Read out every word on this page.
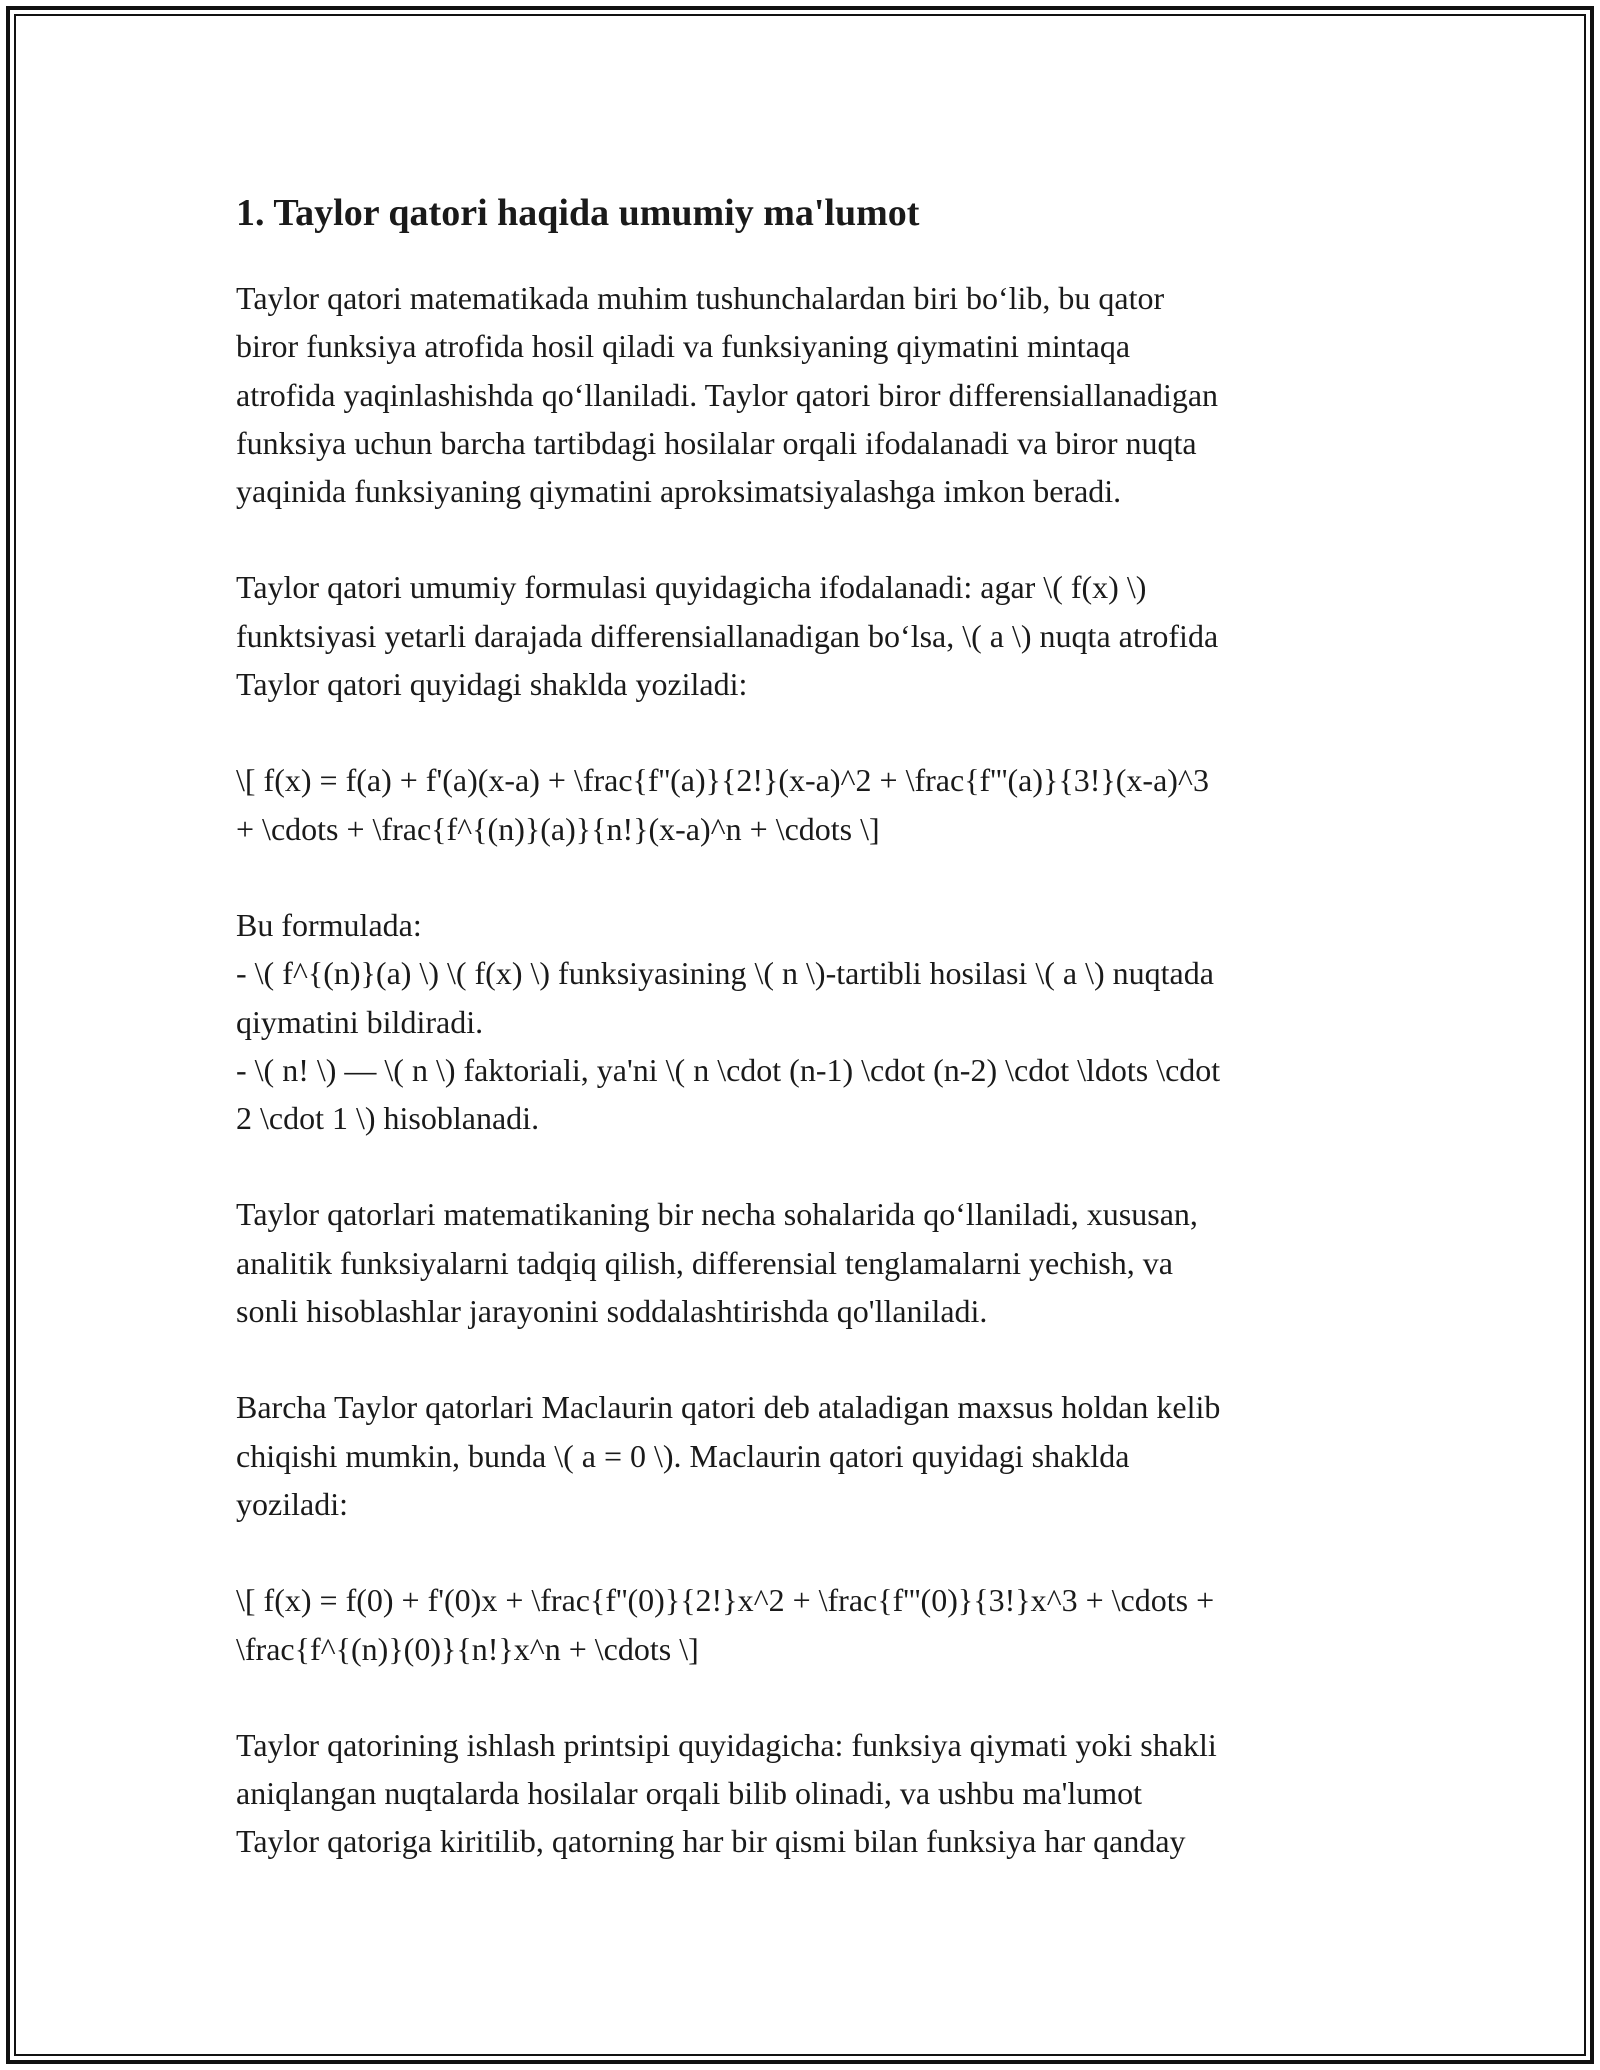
1. Taylor qatori haqida umumiy ma'lumot

Taylor qatori matematikada muhim tushunchalardan biri bo‘lib, bu qator
biror funksiya atrofida hosil qiladi va funksiyaning qiymatini mintaqa
atrofida yaqinlashishda qo‘llaniladi. Taylor qatori biror differensiallanadigan
funksiya uchun barcha tartibdagi hosilalar orqali ifodalanadi va biror nuqta
yaqinida funksiyaning qiymatini aproksimatsiyalashga imkon beradi.

Taylor qatori umumiy formulasi quyidagicha ifodalanadi: agar \( f(x) \)
funktsiyasi yetarli darajada differensiallanadigan bo‘lsa, \( a \) nuqta atrofida
Taylor qatori quyidagi shaklda yoziladi:

\[ f(x) = f(a) + f'(a)(x-a) + \frac{f''(a)}{2!}(x-a)^2 + \frac{f'''(a)}{3!}(x-a)^3
+ \cdots + \frac{f^{(n)}(a)}{n!}(x-a)^n + \cdots \]

Bu formulada:
- \( f^{(n)}(a) \) \( f(x) \) funksiyasining \( n \)-tartibli hosilasi \( a \) nuqtada
qiymatini bildiradi.
- \( n! \) — \( n \) faktoriali, ya'ni \( n \cdot (n-1) \cdot (n-2) \cdot \ldots \cdot
2 \cdot 1 \) hisoblanadi.

Taylor qatorlari matematikaning bir necha sohalarida qo‘llaniladi, xususan,
analitik funksiyalarni tadqiq qilish, differensial tenglamalarni yechish, va
sonli hisoblashlar jarayonini soddalashtirishda qo'llaniladi.

Barcha Taylor qatorlari Maclaurin qatori deb ataladigan maxsus holdan kelib
chiqishi mumkin, bunda \( a = 0 \). Maclaurin qatori quyidagi shaklda
yoziladi:

\[ f(x) = f(0) + f'(0)x + \frac{f''(0)}{2!}x^2 + \frac{f'''(0)}{3!}x^3 + \cdots +
\frac{f^{(n)}(0)}{n!}x^n + \cdots \]

Taylor qatorining ishlash printsipi quyidagicha: funksiya qiymati yoki shakli
aniqlangan nuqtalarda hosilalar orqali bilib olinadi, va ushbu ma'lumot
Taylor qatoriga kiritilib, qatorning har bir qismi bilan funksiya har qanday
